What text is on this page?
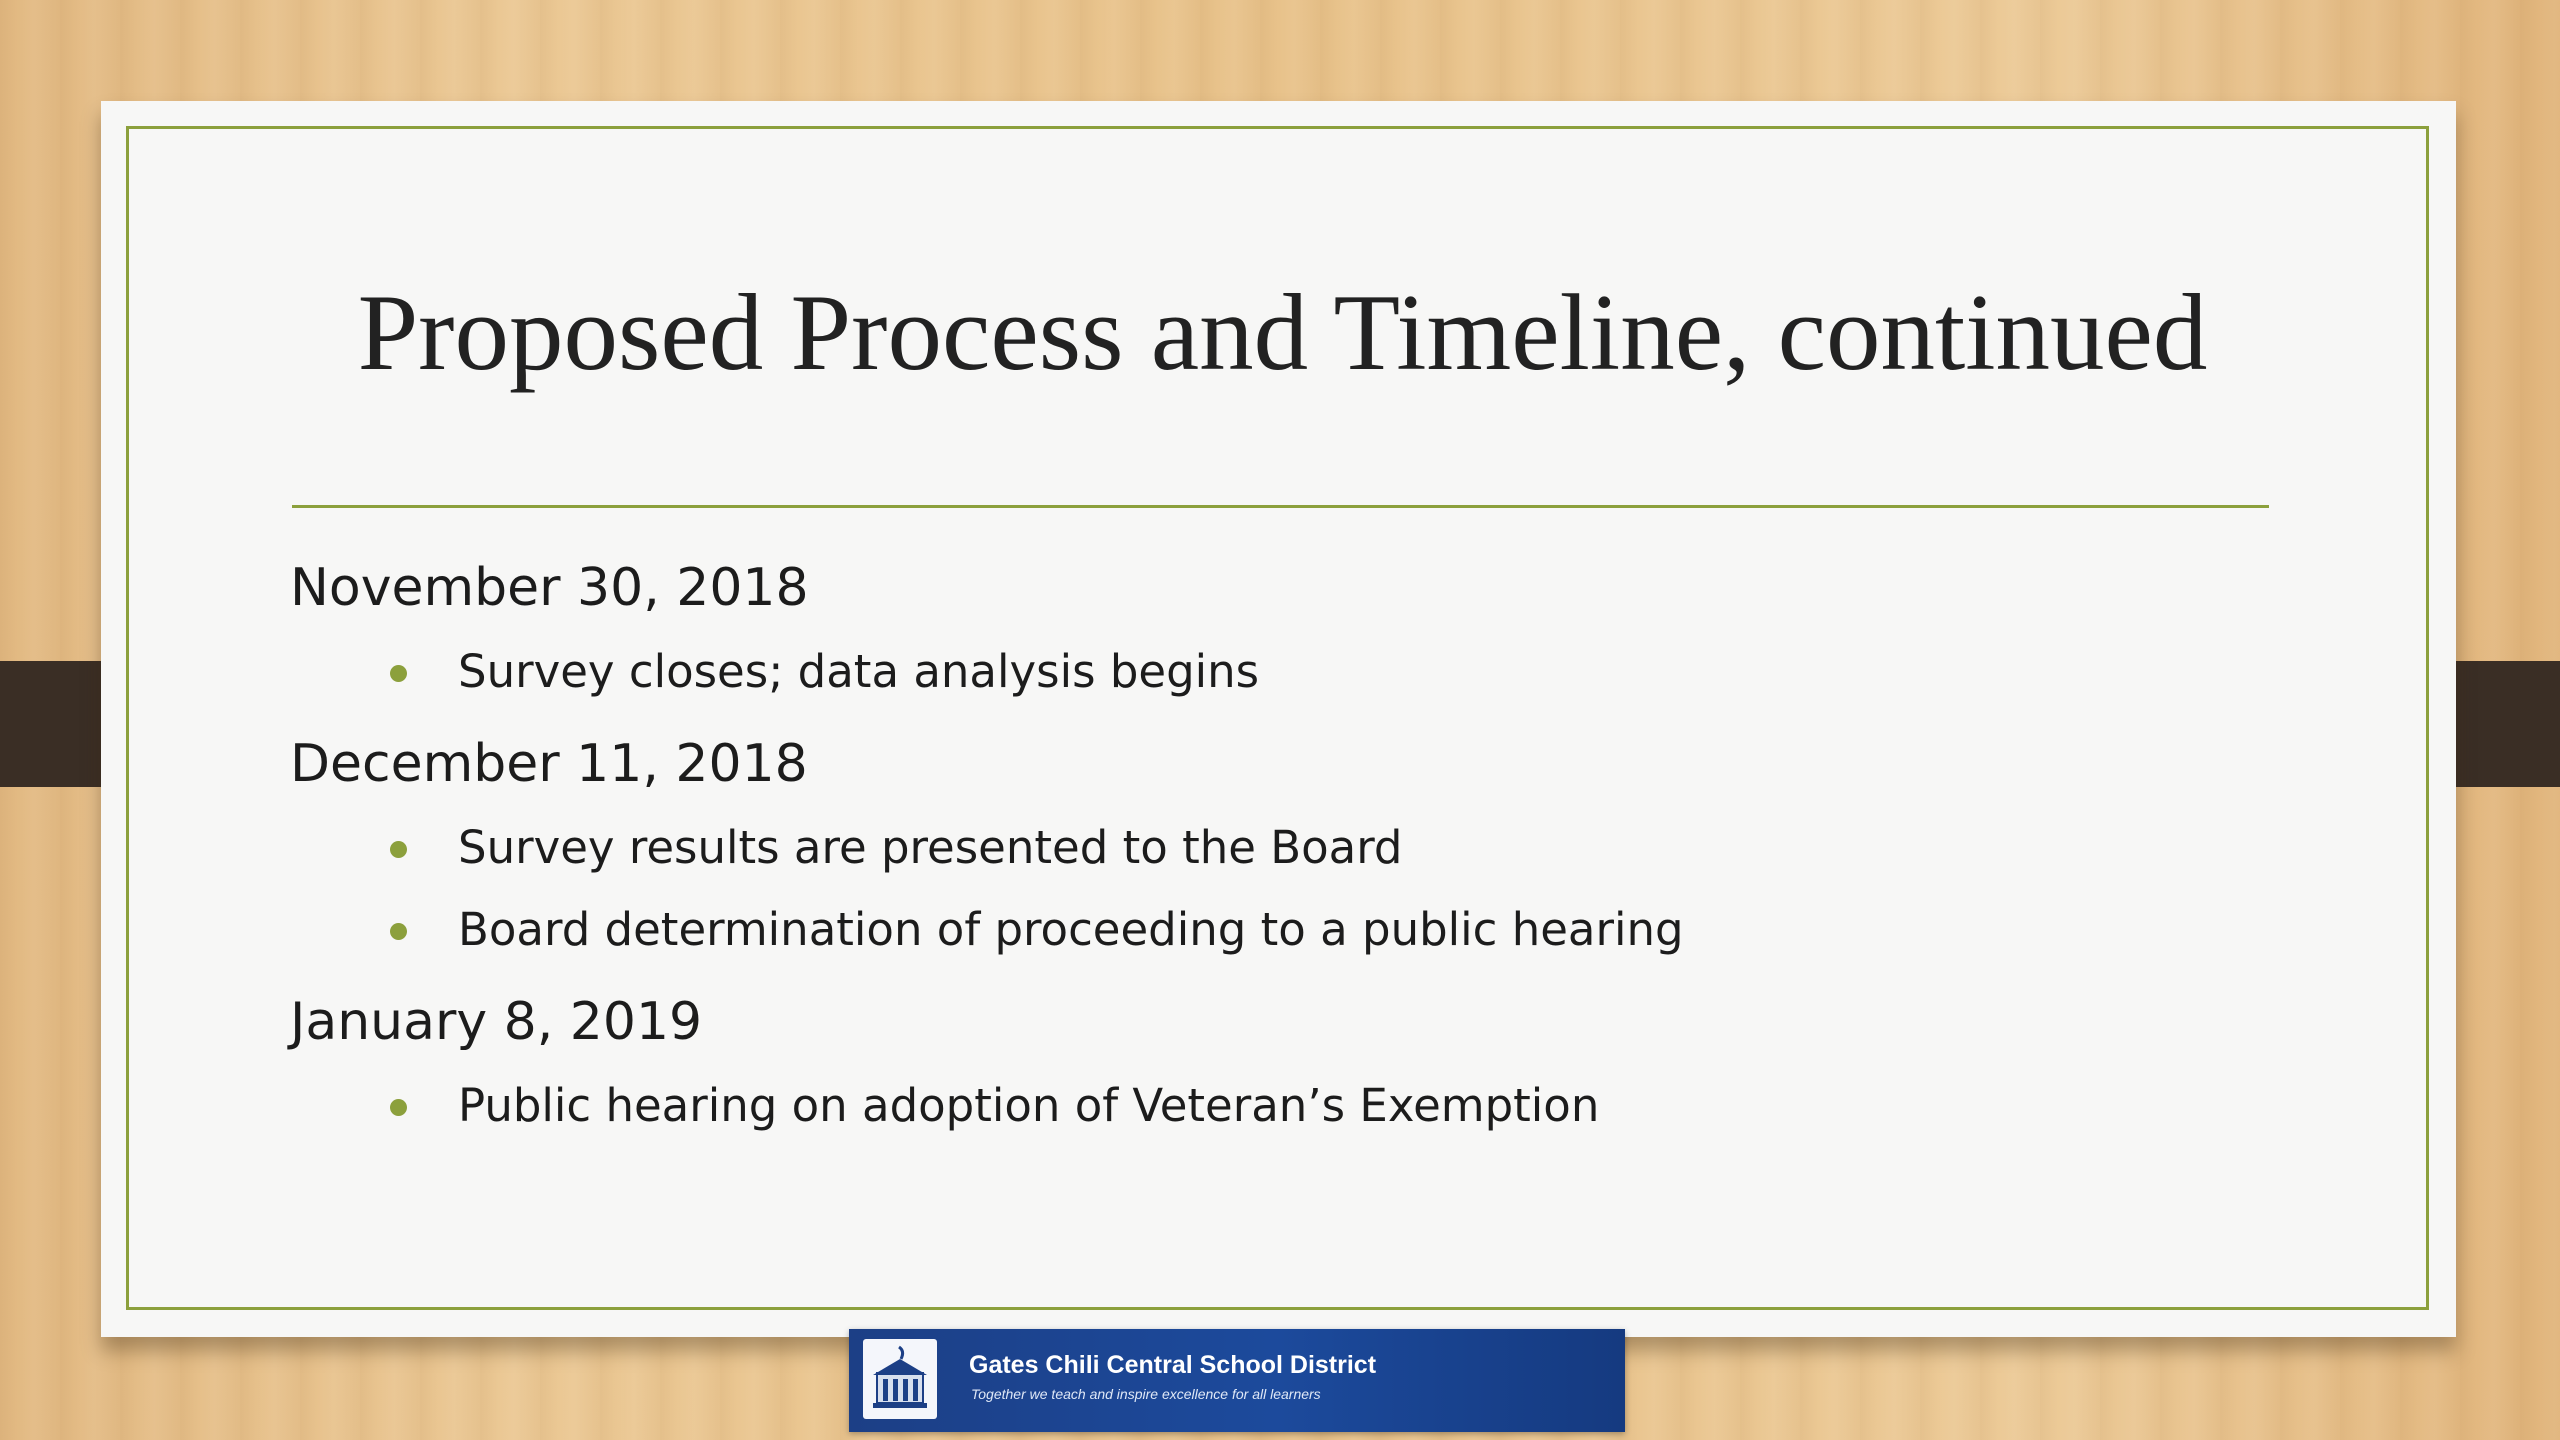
Proposed Process and Timeline, continued

November 30, 2018

Survey closes; data analysis begins

December 11, 2018

Survey results are presented to the Board
Board determination of proceeding to a public hearing

January 8, 2019

Public hearing on adoption of Veteran’s Exemption
Gates Chili Central School District
Together we teach and inspire excellence for all learners
